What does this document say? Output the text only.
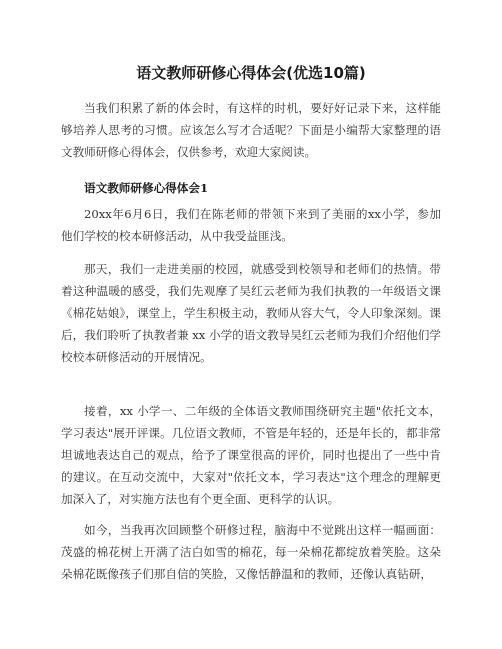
语文教师研修心得体会(优选10篇)

当我们积累了新的体会时，有这样的时机，要好好记录下来，这样能够培养人思考的习惯。应该怎么写才合适呢？下面是小编帮大家整理的语文教师研修心得体会，仅供参考，欢迎大家阅读。

语文教师研修心得体会1

20xx年6月6日，我们在陈老师的带领下来到了美丽的xx小学，参加他们学校的校本研修活动，从中我受益匪浅。

那天，我们一走进美丽的校园，就感受到校领导和老师们的热情。带着这种温暖的感受，我们先观摩了吴红云老师为我们执教的一年级语文课《棉花姑娘》，课堂上，学生积极主动，教师从容大气，令人印象深刻。课后，我们聆听了执教者兼 xx 小学的语文教导吴红云老师为我们介绍他们学校校本研修活动的开展情况。

接着，xx 小学一、二年级的全体语文教师围绕研究主题"依托文本，学习表达"展开评课。几位语文教师，不管是年轻的，还是年长的，都非常坦诚地表达自己的观点，给予了课堂很高的评价，同时也提出了一些中肯的建议。在互动交流中，大家对"依托文本，学习表达"这个理念的理解更加深入了，对实施方法也有个更全面、更科学的认识。

如今，当我再次回顾整个研修过程，脑海中不觉跳出这样一幅画面：茂盛的棉花树上开满了洁白如雪的棉花，每一朵棉花都绽放着笑脸。这朵朵棉花既像孩子们那自信的笑脸，又像恬静温和的教师，还像认真钻研，
